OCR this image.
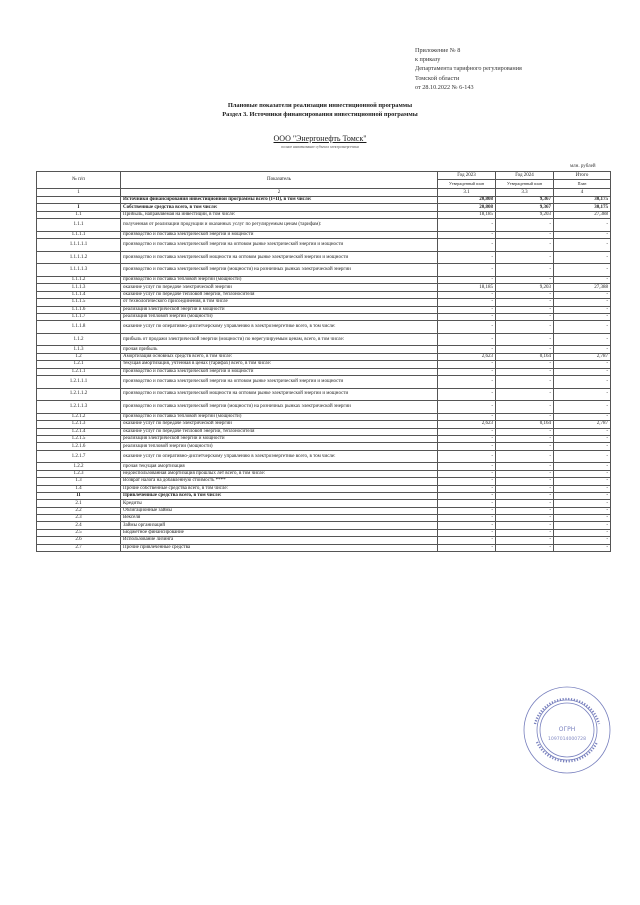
Приложение № 8
к приказу
Департамента тарифного регулирования
Томской области
от 28.10.2022 № 6-143
Плановые показатели реализации инвестиционной программы
Раздел 3. Источники финансирования инвестиционной программы
ООО "Энергонефть Томск"
полное наименование субъекта электроэнергетики
млн. рублей
№ п/п	Показатель	Год 2023	Год 2024	Итого
		Утвержденный план	Утвержденный план	План
1	2	3.1	3.3	4
	Источники финансирования инвестиционной программы всего (I+II), в том числе:	20,808	9,367	30,175
I	Собственные средства всего, в том числе:	20,808	9,367	30,175
1.1	Прибыль, направляемая на инвестиции, в том числе:	18,185	9,203	27,388
1.1.1	полученная от реализации продукции и оказанных услуг по регулируемым ценам (тарифам):	-	-	-
1.1.1.1	производство и поставка электрической энергии и мощности	-	-	-
1.1.1.1.1	производство и поставка электрической энергии на оптовом рынке электрической энергии и мощности	-	-	-
1.1.1.1.2	производство и поставка электрической мощности на оптовом рынке электрической энергии и мощности	-	-	-
1.1.1.1.3	производство и поставка электрической энергии (мощности) на розничных рынках электрической энергии	-	-	-
1.1.1.2	производство и поставка тепловой энергии (мощности)	-	-	-
1.1.1.3	оказание услуг по передаче электрической энергии	18,185	9,203	27,388
1.1.1.4	оказание услуг по передаче тепловой энергии, теплоносителя	-	-	-
1.1.1.5	от технологического присоединения, в том числе	-	-	-
1.1.1.6	реализация электрической энергии и мощности	-	-	-
1.1.1.7	реализация тепловой энергии (мощности)	-	-	-
1.1.1.8	оказание услуг по оперативно-диспетчерскому управлению в электроэнергетике всего, в том числе:	-	-	-
1.1.2	прибыль от продажи электрической энергии (мощности) по нерегулируемым ценам, всего, в том числе:	-	-	-
1.1.3	прочая прибыль	-	-	-
1.2	Амортизация основных средств всего, в том числе:	2,623	0,164	2,787
1.2.1	текущая амортизация, учтенная в ценах (тарифах) всего, в том числе:	-	-	-
1.2.1.1	производство и поставка электрической энергии и мощности	-	-	-
1.2.1.1.1	производство и поставка электрической энергии на оптовом рынке электрической энергии и мощности	-	-	-
1.2.1.1.2	производство и поставка электрической мощности на оптовом рынке электрической энергии и мощности	-	-	-
1.2.1.1.3	производство и поставка электрической энергии (мощности) на розничных рынках электрической энергии	-	-	-
1.2.1.2	производство и поставка тепловой энергии (мощности)	-	-	-
1.2.1.3	оказание услуг по передаче электрической энергии	2,623	0,164	2,787
1.2.1.4	оказание услуг по передаче тепловой энергии, теплоносителя	-	-	-
1.2.1.5	реализация электрической энергии и мощности	-	-	-
1.2.1.6	реализация тепловой энергии (мощности)	-	-	-
1.2.1.7	оказание услуг по оперативно-диспетчерскому управлению в электроэнергетике всего, в том числе:	-	-	-
1.2.2	прочая текущая амортизация	-	-	-
1.2.3	недоиспользованная амортизация прошлых лет всего, в том числе:	-	-	-
1.3	Возврат налога на добавленную стоимость ****	-	-	-
1.4	Прочие собственные средства всего, в том числе:	-	-	-
II	Привлеченные средства всего, в том числе:	-	-	-
2.1	Кредиты	-	-	-
2.2	Облигационные займы	-	-	-
2.3	Векселя	-	-	-
2.4	Займы организаций	-	-	-
2.5	Бюджетное финансирование	-	-	-
2.6	Использование лизинга	-	-	-
2.7	Прочие привлеченные средства	-	-	-
ОГРН
1097014000728
